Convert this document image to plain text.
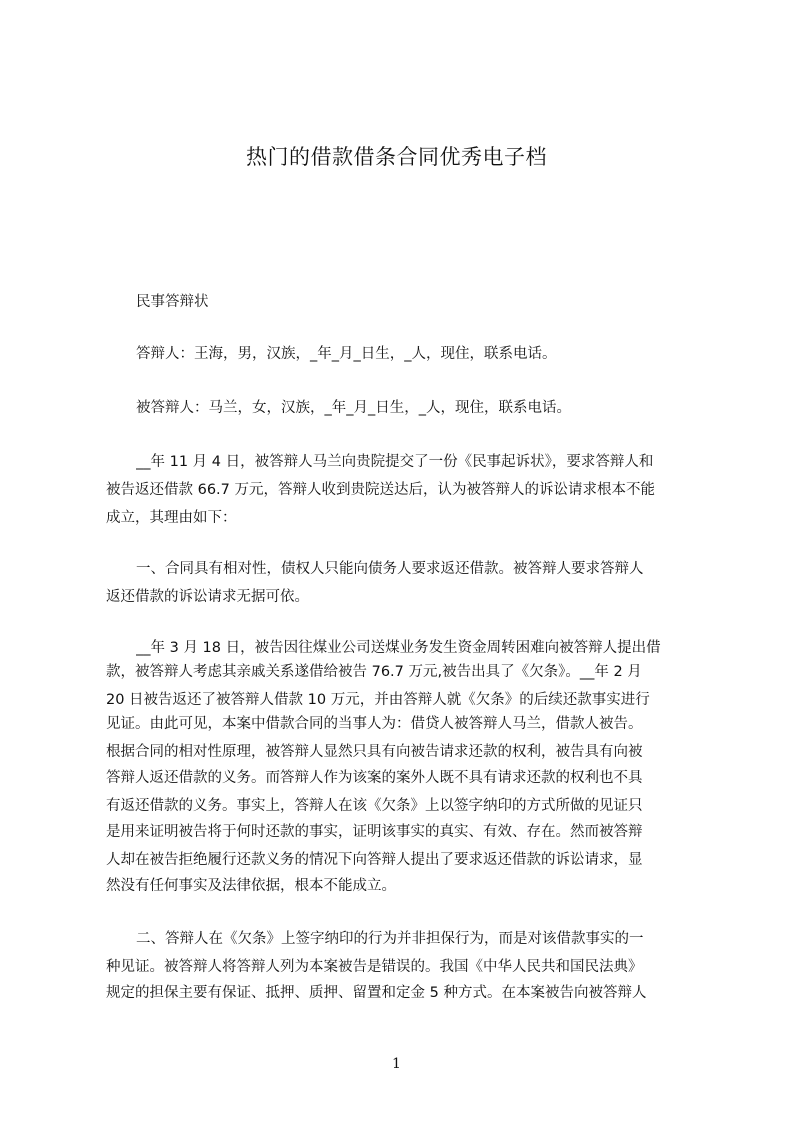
热门的借款借条合同优秀电子档
民事答辩状
答辩人：王海，男，汉族，_年_月_日生，_人，现住，联系电话。
被答辩人：马兰，女，汉族，_年_月_日生，_人，现住，联系电话。
__年 11 月 4 日，被答辩人马兰向贵院提交了一份《民事起诉状》，要求答辩人和
被告返还借款 66.7 万元，答辩人收到贵院送达后，认为被答辩人的诉讼请求根本不能
成立，其理由如下：
一、合同具有相对性，债权人只能向债务人要求返还借款。被答辩人要求答辩人
返还借款的诉讼请求无据可依。
__年 3 月 18 日，被告因往煤业公司送煤业务发生资金周转困难向被答辩人提出借
款，被答辩人考虑其亲戚关系遂借给被告 76.7 万元,被告出具了《欠条》。__年 2 月
20 日被告返还了被答辩人借款 10 万元，并由答辩人就《欠条》的后续还款事实进行
见证。由此可见，本案中借款合同的当事人为：借贷人被答辩人马兰，借款人被告。
根据合同的相对性原理，被答辩人显然只具有向被告请求还款的权利，被告具有向被
答辩人返还借款的义务。而答辩人作为该案的案外人既不具有请求还款的权利也不具
有返还借款的义务。事实上，答辩人在该《欠条》上以签字纳印的方式所做的见证只
是用来证明被告将于何时还款的事实，证明该事实的真实、有效、存在。然而被答辩
人却在被告拒绝履行还款义务的情况下向答辩人提出了要求返还借款的诉讼请求，显
然没有任何事实及法律依据，根本不能成立。
二、答辩人在《欠条》上签字纳印的行为并非担保行为，而是对该借款事实的一
种见证。被答辩人将答辩人列为本案被告是错误的。我国《中华人民共和国民法典》
规定的担保主要有保证、抵押、质押、留置和定金 5 种方式。在本案被告向被答辩人
1
